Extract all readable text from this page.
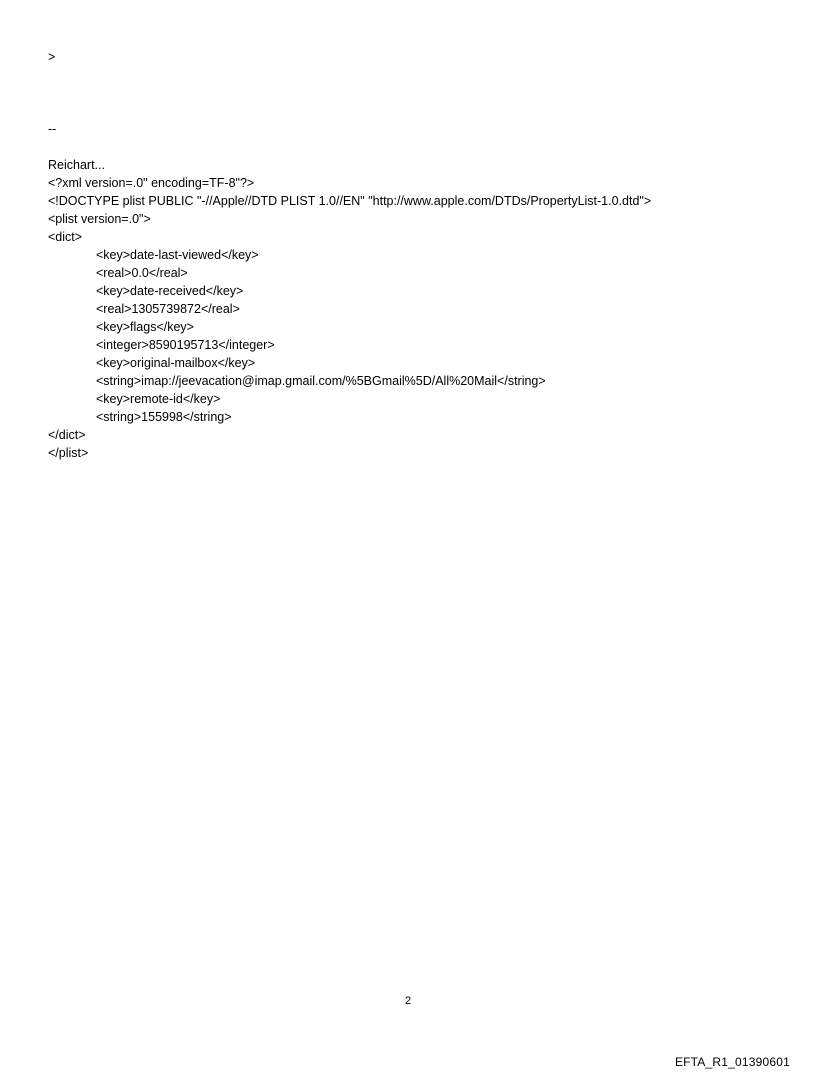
>
--
Reichart...
<?xml version=.0" encoding=TF-8"?>
<!DOCTYPE plist PUBLIC "-//Apple//DTD PLIST 1.0//EN" "http://www.apple.com/DTDs/PropertyList-1.0.dtd">
<plist version=.0">
<dict>
<key>date-last-viewed</key>
<real>0.0</real>
<key>date-received</key>
<real>1305739872</real>
<key>flags</key>
<integer>8590195713</integer>
<key>original-mailbox</key>
<string>imap://jeevacation@imap.gmail.com/%5BGmail%5D/All%20Mail</string>
<key>remote-id</key>
<string>155998</string>
</dict>
</plist>
2
EFTA_R1_01390601
